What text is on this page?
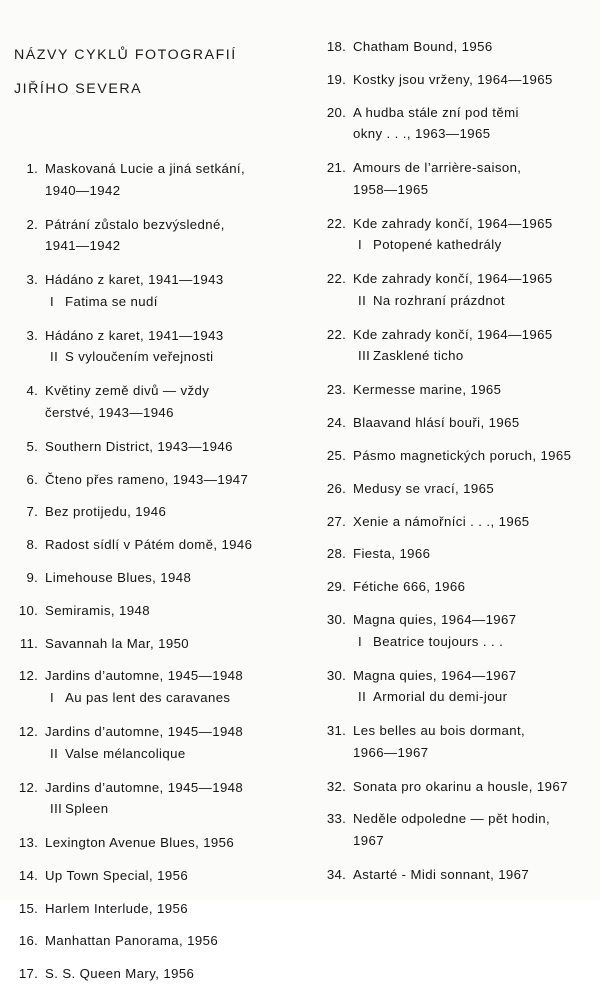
NÁZVY CYKLŮ FOTOGRAFIÍ
JIŘÍHO SEVERA
1. Maskovaná Lucie a jiná setkání,
1940—1942
2. Pátrání zůstalo bezvýsledné,
1941—1942
3. Hádáno z karet, 1941—1943
I Fatima se nudí
3. Hádáno z karet, 1941—1943
II S vyloučením veřejnosti
4. Květiny země divů — vždy
čerstvé, 1943—1946
5. Southern District, 1943—1946
6. Čteno přes rameno, 1943—1947
7. Bez protijedu, 1946
8. Radost sídlí v Pátém domě, 1946
9. Limehouse Blues, 1948
10. Semiramis, 1948
11. Savannah la Mar, 1950
12. Jardins d’automne, 1945—1948
I Au pas lent des caravanes
12. Jardins d’automne, 1945—1948
II Valse mélancolique
12. Jardins d’automne, 1945—1948
III Spleen
13. Lexington Avenue Blues, 1956
14. Up Town Special, 1956
15. Harlem Interlude, 1956
16. Manhattan Panorama, 1956
17. S. S. Queen Mary, 1956
18. Chatham Bound, 1956
19. Kostky jsou vrženy, 1964—1965
20. A hudba stále zní pod těmi
okny . . ., 1963—1965
21. Amours de l’arrière-saison,
1958—1965
22. Kde zahrady končí, 1964—1965
I Potopené kathedrály
22. Kde zahrady končí, 1964—1965
II Na rozhraní prázdnot
22. Kde zahrady končí, 1964—1965
III Zasklené ticho
23. Kermesse marine, 1965
24. Blaavand hlásí bouři, 1965
25. Pásmo magnetických poruch, 1965
26. Medusy se vrací, 1965
27. Xenie a námořníci . . ., 1965
28. Fiesta, 1966
29. Fétiche 666, 1966
30. Magna quies, 1964—1967
I Beatrice toujours . . .
30. Magna quies, 1964—1967
II Armorial du demi-jour
31. Les belles au bois dormant,
1966—1967
32. Sonata pro okarinu a housle, 1967
33. Neděle odpoledne — pět hodin,
1967
34. Astarté - Midi sonnant, 1967
